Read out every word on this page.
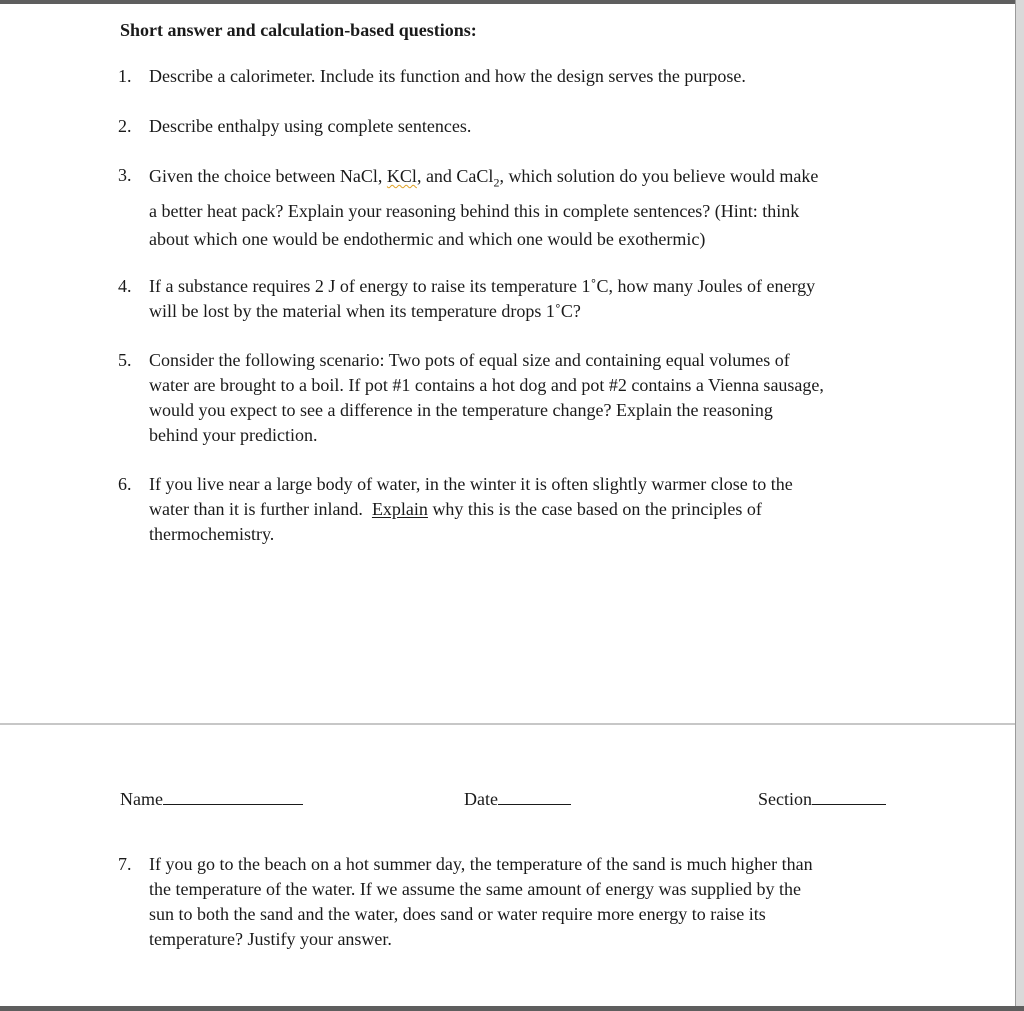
Short answer and calculation-based questions:
1. Describe a calorimeter. Include its function and how the design serves the purpose.
2. Describe enthalpy using complete sentences.
3. Given the choice between NaCl, KCl, and CaCl$_2$, which solution do you believe would make
a better heat pack? Explain your reasoning behind this in complete sentences? (Hint: think
about which one would be endothermic and which one would be exothermic)
4. If a substance requires 2 J of energy to raise its temperature 1˚C, how many Joules of energy
will be lost by the material when its temperature drops 1˚C?
5. Consider the following scenario: Two pots of equal size and containing equal volumes of
water are brought to a boil. If pot #1 contains a hot dog and pot #2 contains a Vienna sausage,
would you expect to see a difference in the temperature change? Explain the reasoning
behind your prediction.
6. If you live near a large body of water, in the winter it is often slightly warmer close to the
water than it is further inland.  Explain why this is the case based on the principles of
thermochemistry.
Name	Date	Section
7. If you go to the beach on a hot summer day, the temperature of the sand is much higher than
the temperature of the water. If we assume the same amount of energy was supplied by the
sun to both the sand and the water, does sand or water require more energy to raise its
temperature? Justify your answer.
